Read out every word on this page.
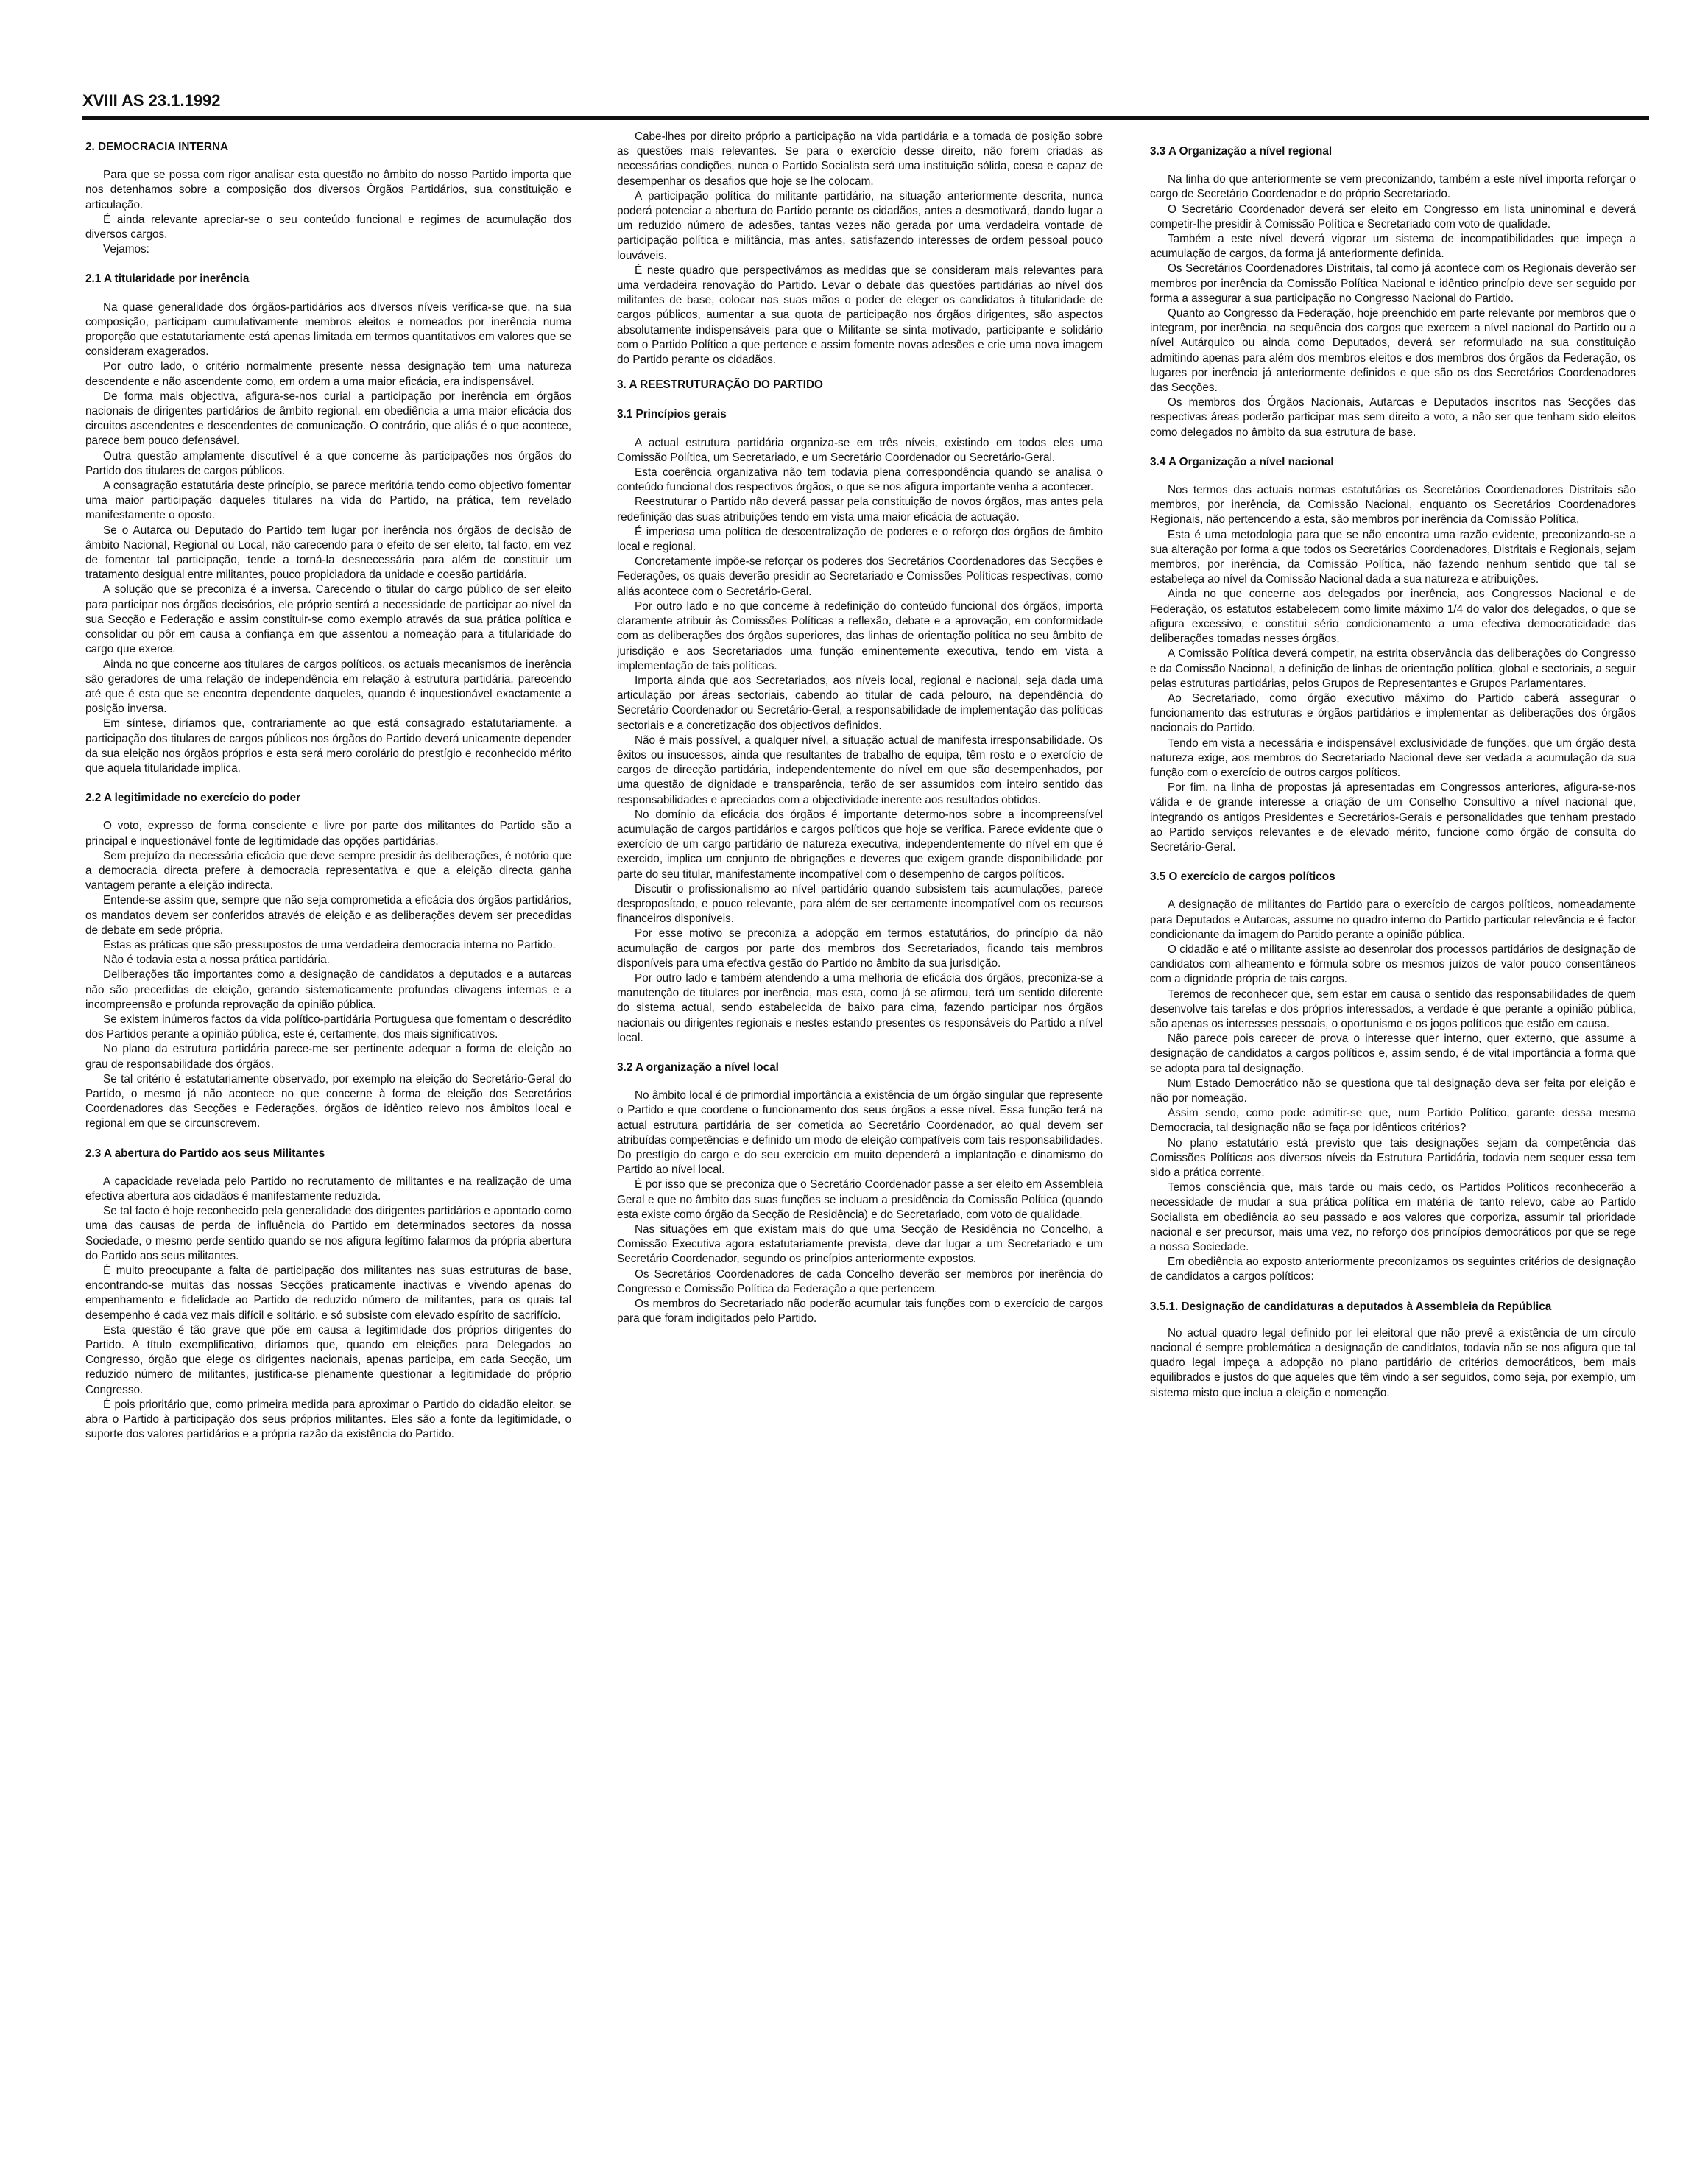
XVIII AS 23.1.1992
2. DEMOCRACIA INTERNA

Para que se possa com rigor analisar esta questão no âmbito do nosso Partido importa que nos detenhamos sobre a composição dos diversos Órgãos Partidários, sua constituição e articulação.

É ainda relevante apreciar-se o seu conteúdo funcional e regimes de acumulação dos diversos cargos.

Vejamos:

2.1 A titularidade por inerência

Na quase generalidade dos órgãos-partidários aos diversos níveis verifica-se que, na sua composição, participam cumulativamente membros eleitos e nomeados por inerência numa proporção que estatutariamente está apenas limitada em termos quantitativos em valores que se consideram exagerados.

Por outro lado, o critério normalmente presente nessa designação tem uma natureza descendente e não ascendente como, em ordem a uma maior eficácia, era indispensável.

De forma mais objectiva, afigura-se-nos curial a participação por inerência em órgãos nacionais de dirigentes partidários de âmbito regional, em obediência a uma maior eficácia dos circuitos ascendentes e descendentes de comunicação. O contrário, que aliás é o que acontece, parece bem pouco defensável.

Outra questão amplamente discutível é a que concerne às participações nos órgãos do Partido dos titulares de cargos públicos.

A consagração estatutária deste princípio, se parece meritória tendo como objectivo fomentar uma maior participação daqueles titulares na vida do Partido, na prática, tem revelado manifestamente o oposto.

Se o Autarca ou Deputado do Partido tem lugar por inerência nos órgãos de decisão de âmbito Nacional, Regional ou Local, não carecendo para o efeito de ser eleito, tal facto, em vez de fomentar tal participação, tende a torná-la desnecessária para além de constituir um tratamento desigual entre militantes, pouco propiciadora da unidade e coesão partidária.

A solução que se preconiza é a inversa. Carecendo o titular do cargo público de ser eleito para participar nos órgãos decisórios, ele próprio sentirá a necessidade de participar ao nível da sua Secção e Federação e assim constituir-se como exemplo através da sua prática política e consolidar ou pôr em causa a confiança em que assentou a nomeação para a titularidade do cargo que exerce.

Ainda no que concerne aos titulares de cargos políticos, os actuais mecanismos de inerência são geradores de uma relação de independência em relação à estrutura partidária, parecendo até que é esta que se encontra dependente daqueles, quando é inquestionável exactamente a posição inversa.

Em síntese, diríamos que, contrariamente ao que está consagrado estatutariamente, a participação dos titulares de cargos públicos nos órgãos do Partido deverá unicamente depender da sua eleição nos órgãos próprios e esta será mero corolário do prestígio e reconhecido mérito que aquela titularidade implica.

2.2 A legitimidade no exercício do poder

O voto, expresso de forma consciente e livre por parte dos militantes do Partido são a principal e inquestionável fonte de legitimidade das opções partidárias.

Sem prejuízo da necessária eficácia que deve sempre presidir às deliberações, é notório que a democracia directa prefere à democracia representativa e que a eleição directa ganha vantagem perante a eleição indirecta.

Entende-se assim que, sempre que não seja comprometida a eficácia dos órgãos partidários, os mandatos devem ser conferidos através de eleição e as deliberações devem ser precedidas de debate em sede própria.

Estas as práticas que são pressupostos de uma verdadeira democracia interna no Partido.

Não é todavia esta a nossa prática partidária.

Deliberações tão importantes como a designação de candidatos a deputados e a autarcas não são precedidas de eleição, gerando sistematicamente profundas clivagens internas e a incompreensão e profunda reprovação da opinião pública.

Se existem inúmeros factos da vida político-partidária Portuguesa que fomentam o descrédito dos Partidos perante a opinião pública, este é, certamente, dos mais significativos.

No plano da estrutura partidária parece-me ser pertinente adequar a forma de eleição ao grau de responsabilidade dos órgãos.

Se tal critério é estatutariamente observado, por exemplo na eleição do Secretário-Geral do Partido, o mesmo já não acontece no que concerne à forma de eleição dos Secretários Coordenadores das Secções e Federações, órgãos de idêntico relevo nos âmbitos local e regional em que se circunscrevem.

2.3 A abertura do Partido aos seus Militantes

A capacidade revelada pelo Partido no recrutamento de militantes e na realização de uma efectiva abertura aos cidadãos é manifestamente reduzida.

Se tal facto é hoje reconhecido pela generalidade dos dirigentes partidários e apontado como uma das causas de perda de influência do Partido em determinados sectores da nossa Sociedade, o mesmo perde sentido quando se nos afigura legítimo falarmos da própria abertura do Partido aos seus militantes.

É muito preocupante a falta de participação dos militantes nas suas estruturas de base, encontrando-se muitas das nossas Secções praticamente inactivas e vivendo apenas do empenhamento e fidelidade ao Partido de reduzido número de militantes, para os quais tal desempenho é cada vez mais difícil e solitário, e só subsiste com elevado espírito de sacrifício.

Esta questão é tão grave que põe em causa a legitimidade dos próprios dirigentes do Partido. A título exemplificativo, diríamos que, quando em eleições para Delegados ao Congresso, órgão que elege os dirigentes nacionais, apenas participa, em cada Secção, um reduzido número de militantes, justifica-se plenamente questionar a legitimidade do próprio Congresso.

É pois prioritário que, como primeira medida para aproximar o Partido do cidadão eleitor, se abra o Partido à participação dos seus próprios militantes. Eles são a fonte da legitimidade, o suporte dos valores partidários e a própria razão da existência do Partido.

Cabe-lhes por direito próprio a participação na vida partidária e a tomada de posição sobre as questões mais relevantes. Se para o exercício desse direito, não forem criadas as necessárias condições, nunca o Partido Socialista será uma instituição sólida, coesa e capaz de desempenhar os desafios que hoje se lhe colocam.

A participação política do militante partidário, na situação anteriormente descrita, nunca poderá potenciar a abertura do Partido perante os cidadãos, antes a desmotivará, dando lugar a um reduzido número de adesões, tantas vezes não gerada por uma verdadeira vontade de participação política e militância, mas antes, satisfazendo interesses de ordem pessoal pouco louváveis.

É neste quadro que perspectivámos as medidas que se consideram mais relevantes para uma verdadeira renovação do Partido. Levar o debate das questões partidárias ao nível dos militantes de base, colocar nas suas mãos o poder de eleger os candidatos à titularidade de cargos públicos, aumentar a sua quota de participação nos órgãos dirigentes, são aspectos absolutamente indispensáveis para que o Militante se sinta motivado, participante e solidário com o Partido Político a que pertence e assim fomente novas adesões e crie uma nova imagem do Partido perante os cidadãos.

3. A REESTRUTURAÇÃO DO PARTIDO
3.1 Princípios gerais

A actual estrutura partidária organiza-se em três níveis, existindo em todos eles uma Comissão Política, um Secretariado, e um Secretário Coordenador ou Secretário-Geral.

Esta coerência organizativa não tem todavia plena correspondência quando se analisa o conteúdo funcional dos respectivos órgãos, o que se nos afigura importante venha a acontecer.

Reestruturar o Partido não deverá passar pela constituição de novos órgãos, mas antes pela redefinição das suas atribuições tendo em vista uma maior eficácia de actuação.

É imperiosa uma política de descentralização de poderes e o reforço dos órgãos de âmbito local e regional.

Concretamente impõe-se reforçar os poderes dos Secretários Coordenadores das Secções e Federações, os quais deverão presidir ao Secretariado e Comissões Políticas respectivas, como aliás acontece com o Secretário-Geral.

Por outro lado e no que concerne à redefinição do conteúdo funcional dos órgãos, importa claramente atribuir às Comissões Políticas a reflexão, debate e a aprovação, em conformidade com as deliberações dos órgãos superiores, das linhas de orientação política no seu âmbito de jurisdição e aos Secretariados uma função eminentemente executiva, tendo em vista a implementação de tais políticas.

Importa ainda que aos Secretariados, aos níveis local, regional e nacional, seja dada uma articulação por áreas sectoriais, cabendo ao titular de cada pelouro, na dependência do Secretário Coordenador ou Secretário-Geral, a responsabilidade de implementação das políticas sectoriais e a concretização dos objectivos definidos.

Não é mais possível, a qualquer nível, a situação actual de manifesta irresponsabilidade. Os êxitos ou insucessos, ainda que resultantes de trabalho de equipa, têm rosto e o exercício de cargos de direcção partidária, independentemente do nível em que são desempenhados, por uma questão de dignidade e transparência, terão de ser assumidos com inteiro sentido das responsabilidades e apreciados com a objectividade inerente aos resultados obtidos.

No domínio da eficácia dos órgãos é importante determo-nos sobre a incompreensível acumulação de cargos partidários e cargos políticos que hoje se verifica. Parece evidente que o exercício de um cargo partidário de natureza executiva, independentemente do nível em que é exercido, implica um conjunto de obrigações e deveres que exigem grande disponibilidade por parte do seu titular, manifestamente incompatível com o desempenho de cargos políticos.

Discutir o profissionalismo ao nível partidário quando subsistem tais acumulações, parece desproposítado, e pouco relevante, para além de ser certamente incompatível com os recursos financeiros disponíveis.

Por esse motivo se preconiza a adopção em termos estatutários, do princípio da não acumulação de cargos por parte dos membros dos Secretariados, ficando tais membros disponíveis para uma efectiva gestão do Partido no âmbito da sua jurisdição.

Por outro lado e também atendendo a uma melhoria de eficácia dos órgãos, preconiza-se a manutenção de titulares por inerência, mas esta, como já se afirmou, terá um sentido diferente do sistema actual, sendo estabelecida de baixo para cima, fazendo participar nos órgãos nacionais ou dirigentes regionais e nestes estando presentes os responsáveis do Partido a nível local.

3.2 A organização a nível local

No âmbito local é de primordial importância a existência de um órgão singular que represente o Partido e que coordene o funcionamento dos seus órgãos a esse nível. Essa função terá na actual estrutura partidária de ser cometida ao Secretário Coordenador, ao qual devem ser atribuídas competências e definido um modo de eleição compatíveis com tais responsabilidades. Do prestígio do cargo e do seu exercício em muito dependerá a implantação e dinamismo do Partido ao nível local.

É por isso que se preconiza que o Secretário Coordenador passe a ser eleito em Assembleia Geral e que no âmbito das suas funções se incluam a presidência da Comissão Política (quando esta existe como órgão da Secção de Residência) e do Secretariado, com voto de qualidade.

Nas situações em que existam mais do que uma Secção de Residência no Concelho, a Comissão Executiva agora estatutariamente prevista, deve dar lugar a um Secretariado e um Secretário Coordenador, segundo os princípios anteriormente expostos.

Os Secretários Coordenadores de cada Concelho deverão ser membros por inerência do Congresso e Comissão Política da Federação a que pertencem.

Os membros do Secretariado não poderão acumular tais funções com o exercício de cargos para que foram indigitados pelo Partido.

3.3 A Organização a nível regional

Na linha do que anteriormente se vem preconizando, também a este nível importa reforçar o cargo de Secretário Coordenador e do próprio Secretariado.

O Secretário Coordenador deverá ser eleito em Congresso em lista uninominal e deverá competir-lhe presidir à Comissão Política e Secretariado com voto de qualidade.

Também a este nível deverá vigorar um sistema de incompatibilidades que impeça a acumulação de cargos, da forma já anteriormente definida.

Os Secretários Coordenadores Distritais, tal como já acontece com os Regionais deverão ser membros por inerência da Comissão Política Nacional e idêntico princípio deve ser seguido por forma a assegurar a sua participação no Congresso Nacional do Partido.

Quanto ao Congresso da Federação, hoje preenchido em parte relevante por membros que o integram, por inerência, na sequência dos cargos que exercem a nível nacional do Partido ou a nível Autárquico ou ainda como Deputados, deverá ser reformulado na sua constituição admitindo apenas para além dos membros eleitos e dos membros dos órgãos da Federação, os lugares por inerência já anteriormente definidos e que são os dos Secretários Coordenadores das Secções.

Os membros dos Órgãos Nacionais, Autarcas e Deputados inscritos nas Secções das respectivas áreas poderão participar mas sem direito a voto, a não ser que tenham sido eleitos como delegados no âmbito da sua estrutura de base.

3.4 A Organização a nível nacional

Nos termos das actuais normas estatutárias os Secretários Coordenadores Distritais são membros, por inerência, da Comissão Nacional, enquanto os Secretários Coordenadores Regionais, não pertencendo a esta, são membros por inerência da Comissão Política.

Esta é uma metodologia para que se não encontra uma razão evidente, preconizando-se a sua alteração por forma a que todos os Secretários Coordenadores, Distritais e Regionais, sejam membros, por inerência, da Comissão Política, não fazendo nenhum sentido que tal se estabeleça ao nível da Comissão Nacional dada a sua natureza e atribuições.

Ainda no que concerne aos delegados por inerência, aos Congressos Nacional e de Federação, os estatutos estabelecem como limite máximo 1/4 do valor dos delegados, o que se afigura excessivo, e constitui sério condicionamento a uma efectiva democraticidade das deliberações tomadas nesses órgãos.

A Comissão Política deverá competir, na estrita observância das deliberações do Congresso e da Comissão Nacional, a definição de linhas de orientação política, global e sectoriais, a seguir pelas estruturas partidárias, pelos Grupos de Representantes e Grupos Parlamentares.

Ao Secretariado, como órgão executivo máximo do Partido caberá assegurar o funcionamento das estruturas e órgãos partidários e implementar as deliberações dos órgãos nacionais do Partido.

Tendo em vista a necessária e indispensável exclusividade de funções, que um órgão desta natureza exige, aos membros do Secretariado Nacional deve ser vedada a acumulação da sua função com o exercício de outros cargos políticos.

Por fim, na linha de propostas já apresentadas em Congressos anteriores, afigura-se-nos válida e de grande interesse a criação de um Conselho Consultivo a nível nacional que, integrando os antigos Presidentes e Secretários-Gerais e personalidades que tenham prestado ao Partido serviços relevantes e de elevado mérito, funcione como órgão de consulta do Secretário-Geral.

3.5 O exercício de cargos políticos

A designação de militantes do Partido para o exercício de cargos políticos, nomeadamente para Deputados e Autarcas, assume no quadro interno do Partido particular relevância e é factor condicionante da imagem do Partido perante a opinião pública.

O cidadão e até o militante assiste ao desenrolar dos processos partidários de designação de candidatos com alheamento e fórmula sobre os mesmos juízos de valor pouco consentâneos com a dignidade própria de tais cargos.

Teremos de reconhecer que, sem estar em causa o sentido das responsabilidades de quem desenvolve tais tarefas e dos próprios interessados, a verdade é que perante a opinião pública, são apenas os interesses pessoais, o oportunismo e os jogos políticos que estão em causa.

Não parece pois carecer de prova o interesse quer interno, quer externo, que assume a designação de candidatos a cargos políticos e, assim sendo, é de vital importância a forma que se adopta para tal designação.

Num Estado Democrático não se questiona que tal designação deva ser feita por eleição e não por nomeação.

Assim sendo, como pode admitir-se que, num Partido Político, garante dessa mesma Democracia, tal designação não se faça por idênticos critérios?

No plano estatutário está previsto que tais designações sejam da competência das Comissões Políticas aos diversos níveis da Estrutura Partidária, todavia nem sequer essa tem sido a prática corrente.

Temos consciência que, mais tarde ou mais cedo, os Partidos Políticos reconhecerão a necessidade de mudar a sua prática política em matéria de tanto relevo, cabe ao Partido Socialista em obediência ao seu passado e aos valores que corporiza, assumir tal prioridade nacional e ser precursor, mais uma vez, no reforço dos princípios democráticos por que se rege a nossa Sociedade.

Em obediência ao exposto anteriormente preconizamos os seguintes critérios de designação de candidatos a cargos políticos:

3.5.1. Designação de candidaturas a deputados à Assembleia da República

No actual quadro legal definido por lei eleitoral que não prevê a existência de um círculo nacional é sempre problemática a designação de candidatos, todavia não se nos afigura que tal quadro legal impeça a adopção no plano partidário de critérios democráticos, bem mais equilibrados e justos do que aqueles que têm vindo a ser seguidos, como seja, por exemplo, um sistema misto que inclua a eleição e nomeação.
